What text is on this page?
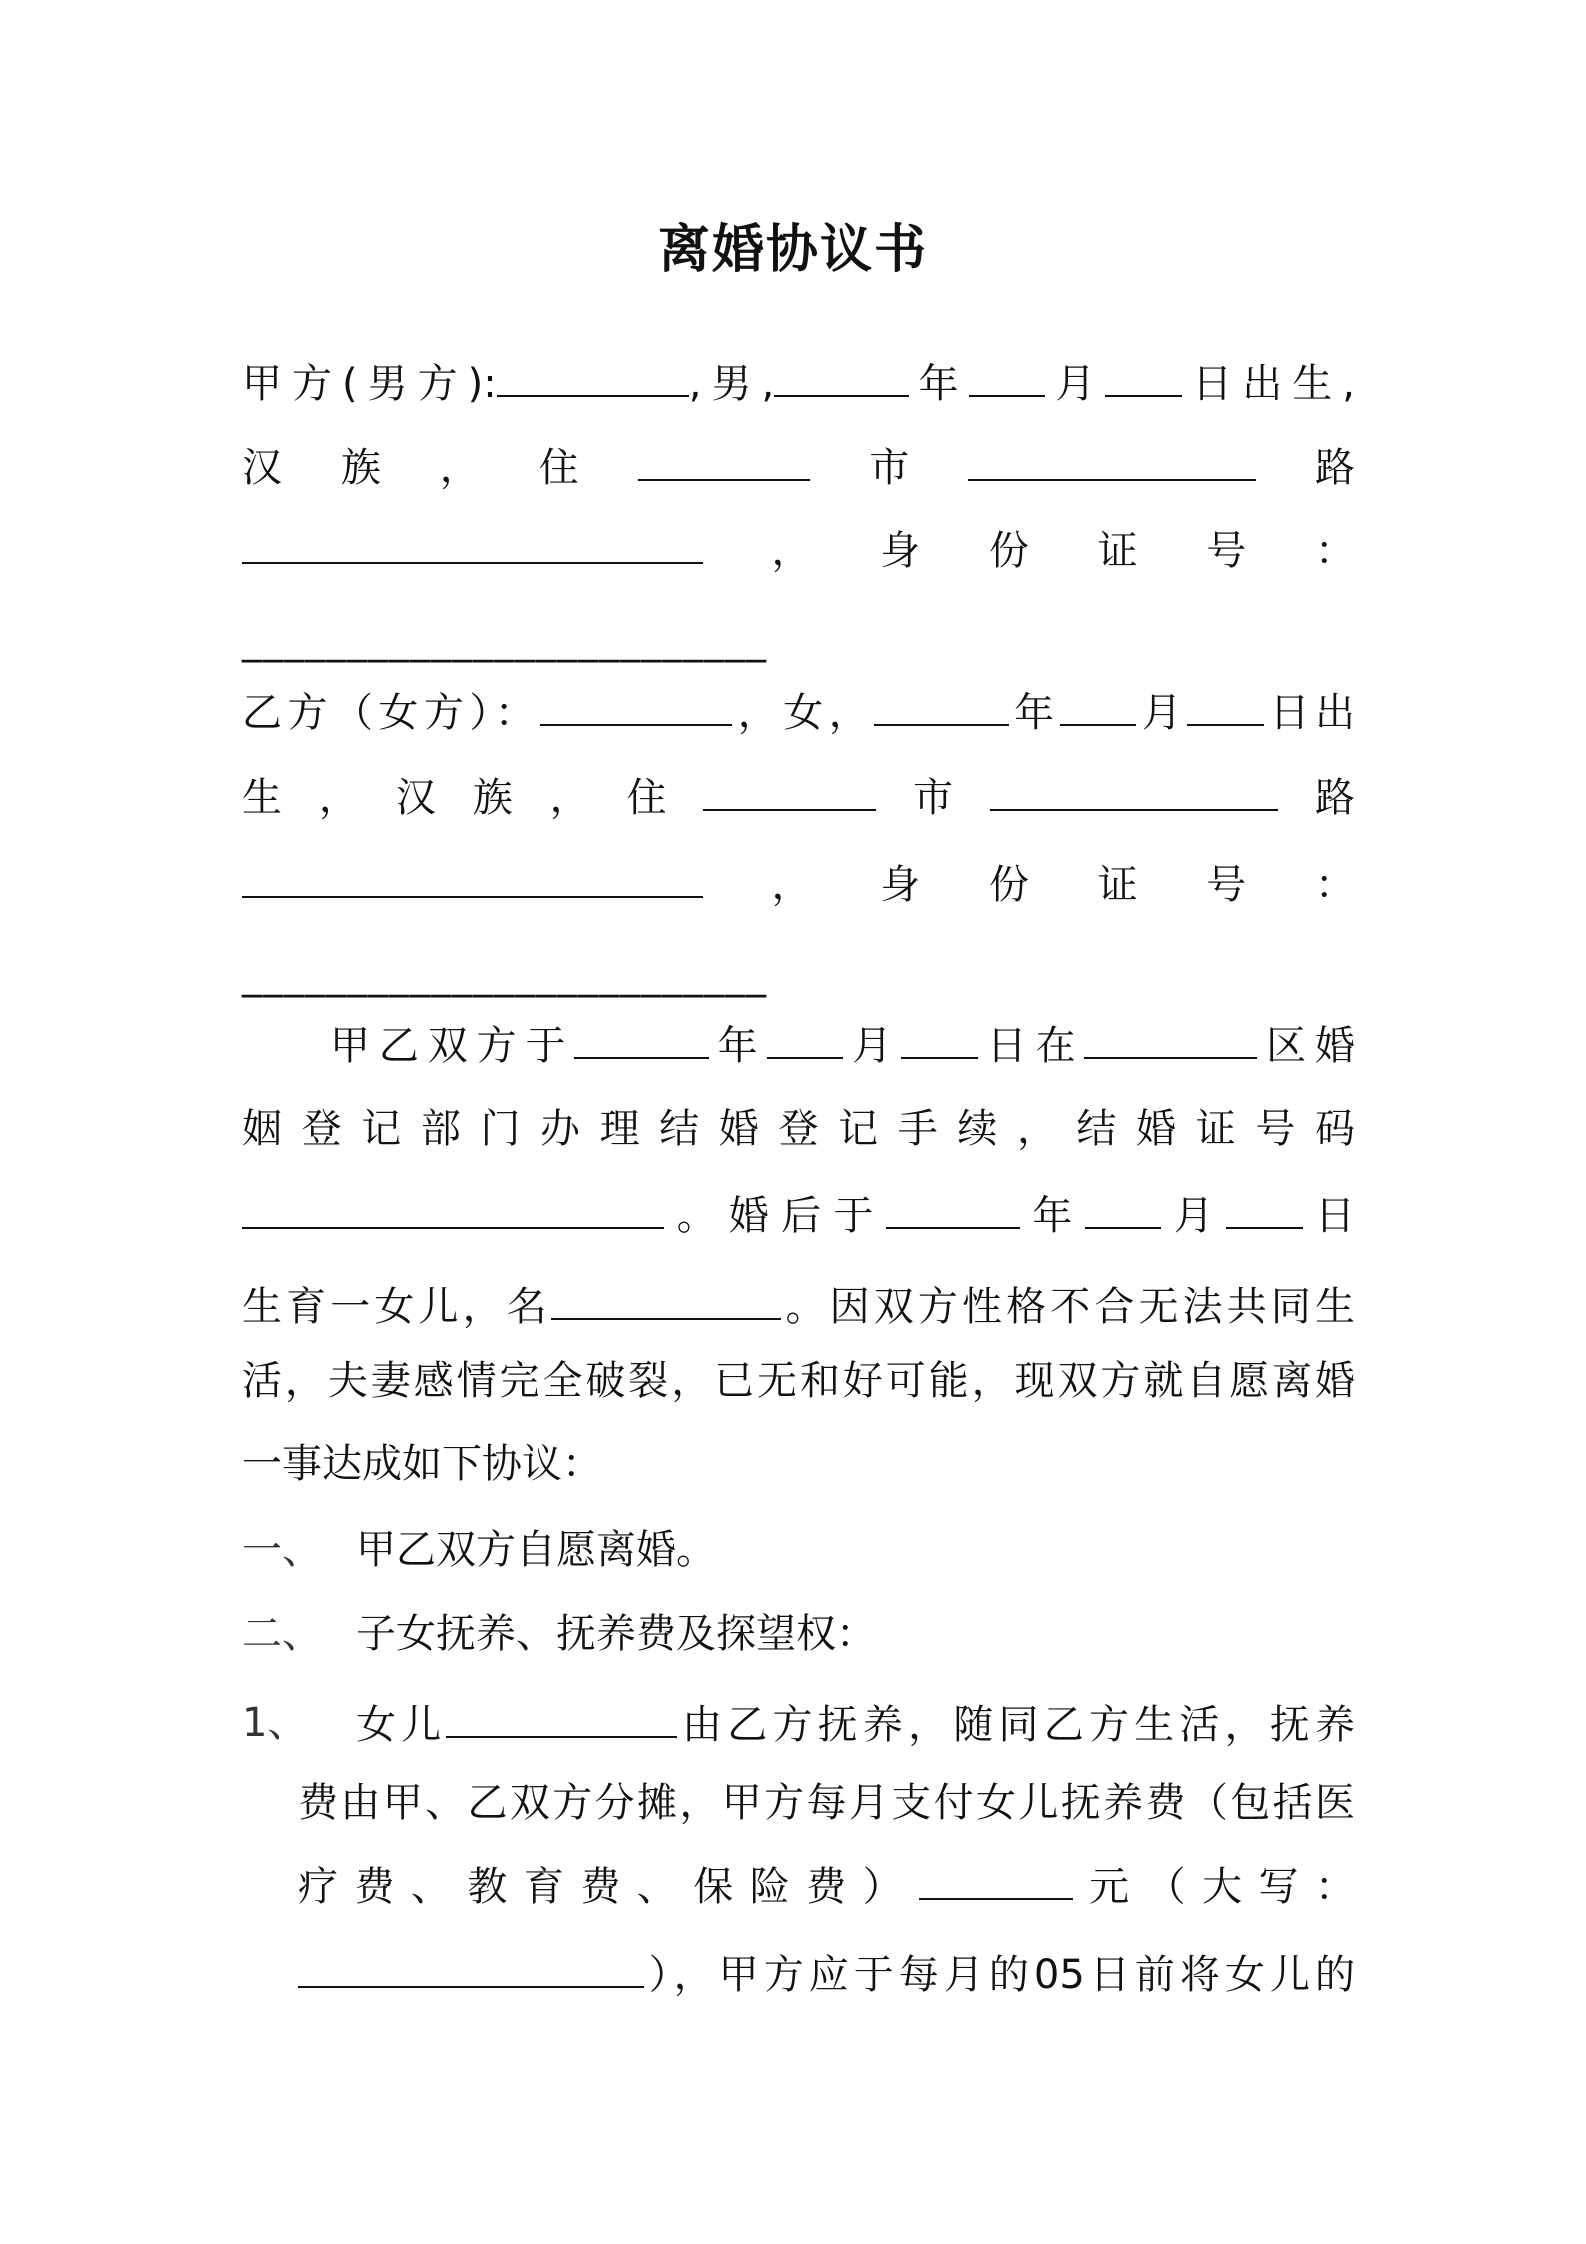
离婚协议书
甲方(男方):	,男,	年 月 日出生,
汉族，住	市	路
，身份证号：
_________________________
乙方（女方）：	，女，	年 月 日出
生，汉族，住	市	路
，身份证号：
_________________________
甲乙双方于	年 月 日在	区婚
姻登记部门办理结婚登记手续，结婚证号码
。婚后于	年 月 日
生育一女儿，名	。因双方性格不合无法共同生
活，夫妻感情完全破裂，已无和好可能，现双方就自愿离婚
一事达成如下协议：
一、 甲乙双方自愿离婚。
二、 子女抚养、抚养费及探望权：
1、 女儿	由乙方抚养，随同乙方生活，抚养
费由甲、乙双方分摊，甲方每月支付女儿抚养费（包括医
疗费、教育费、保险费）	元（大写：
），甲方应于每月的05日前将女儿的
